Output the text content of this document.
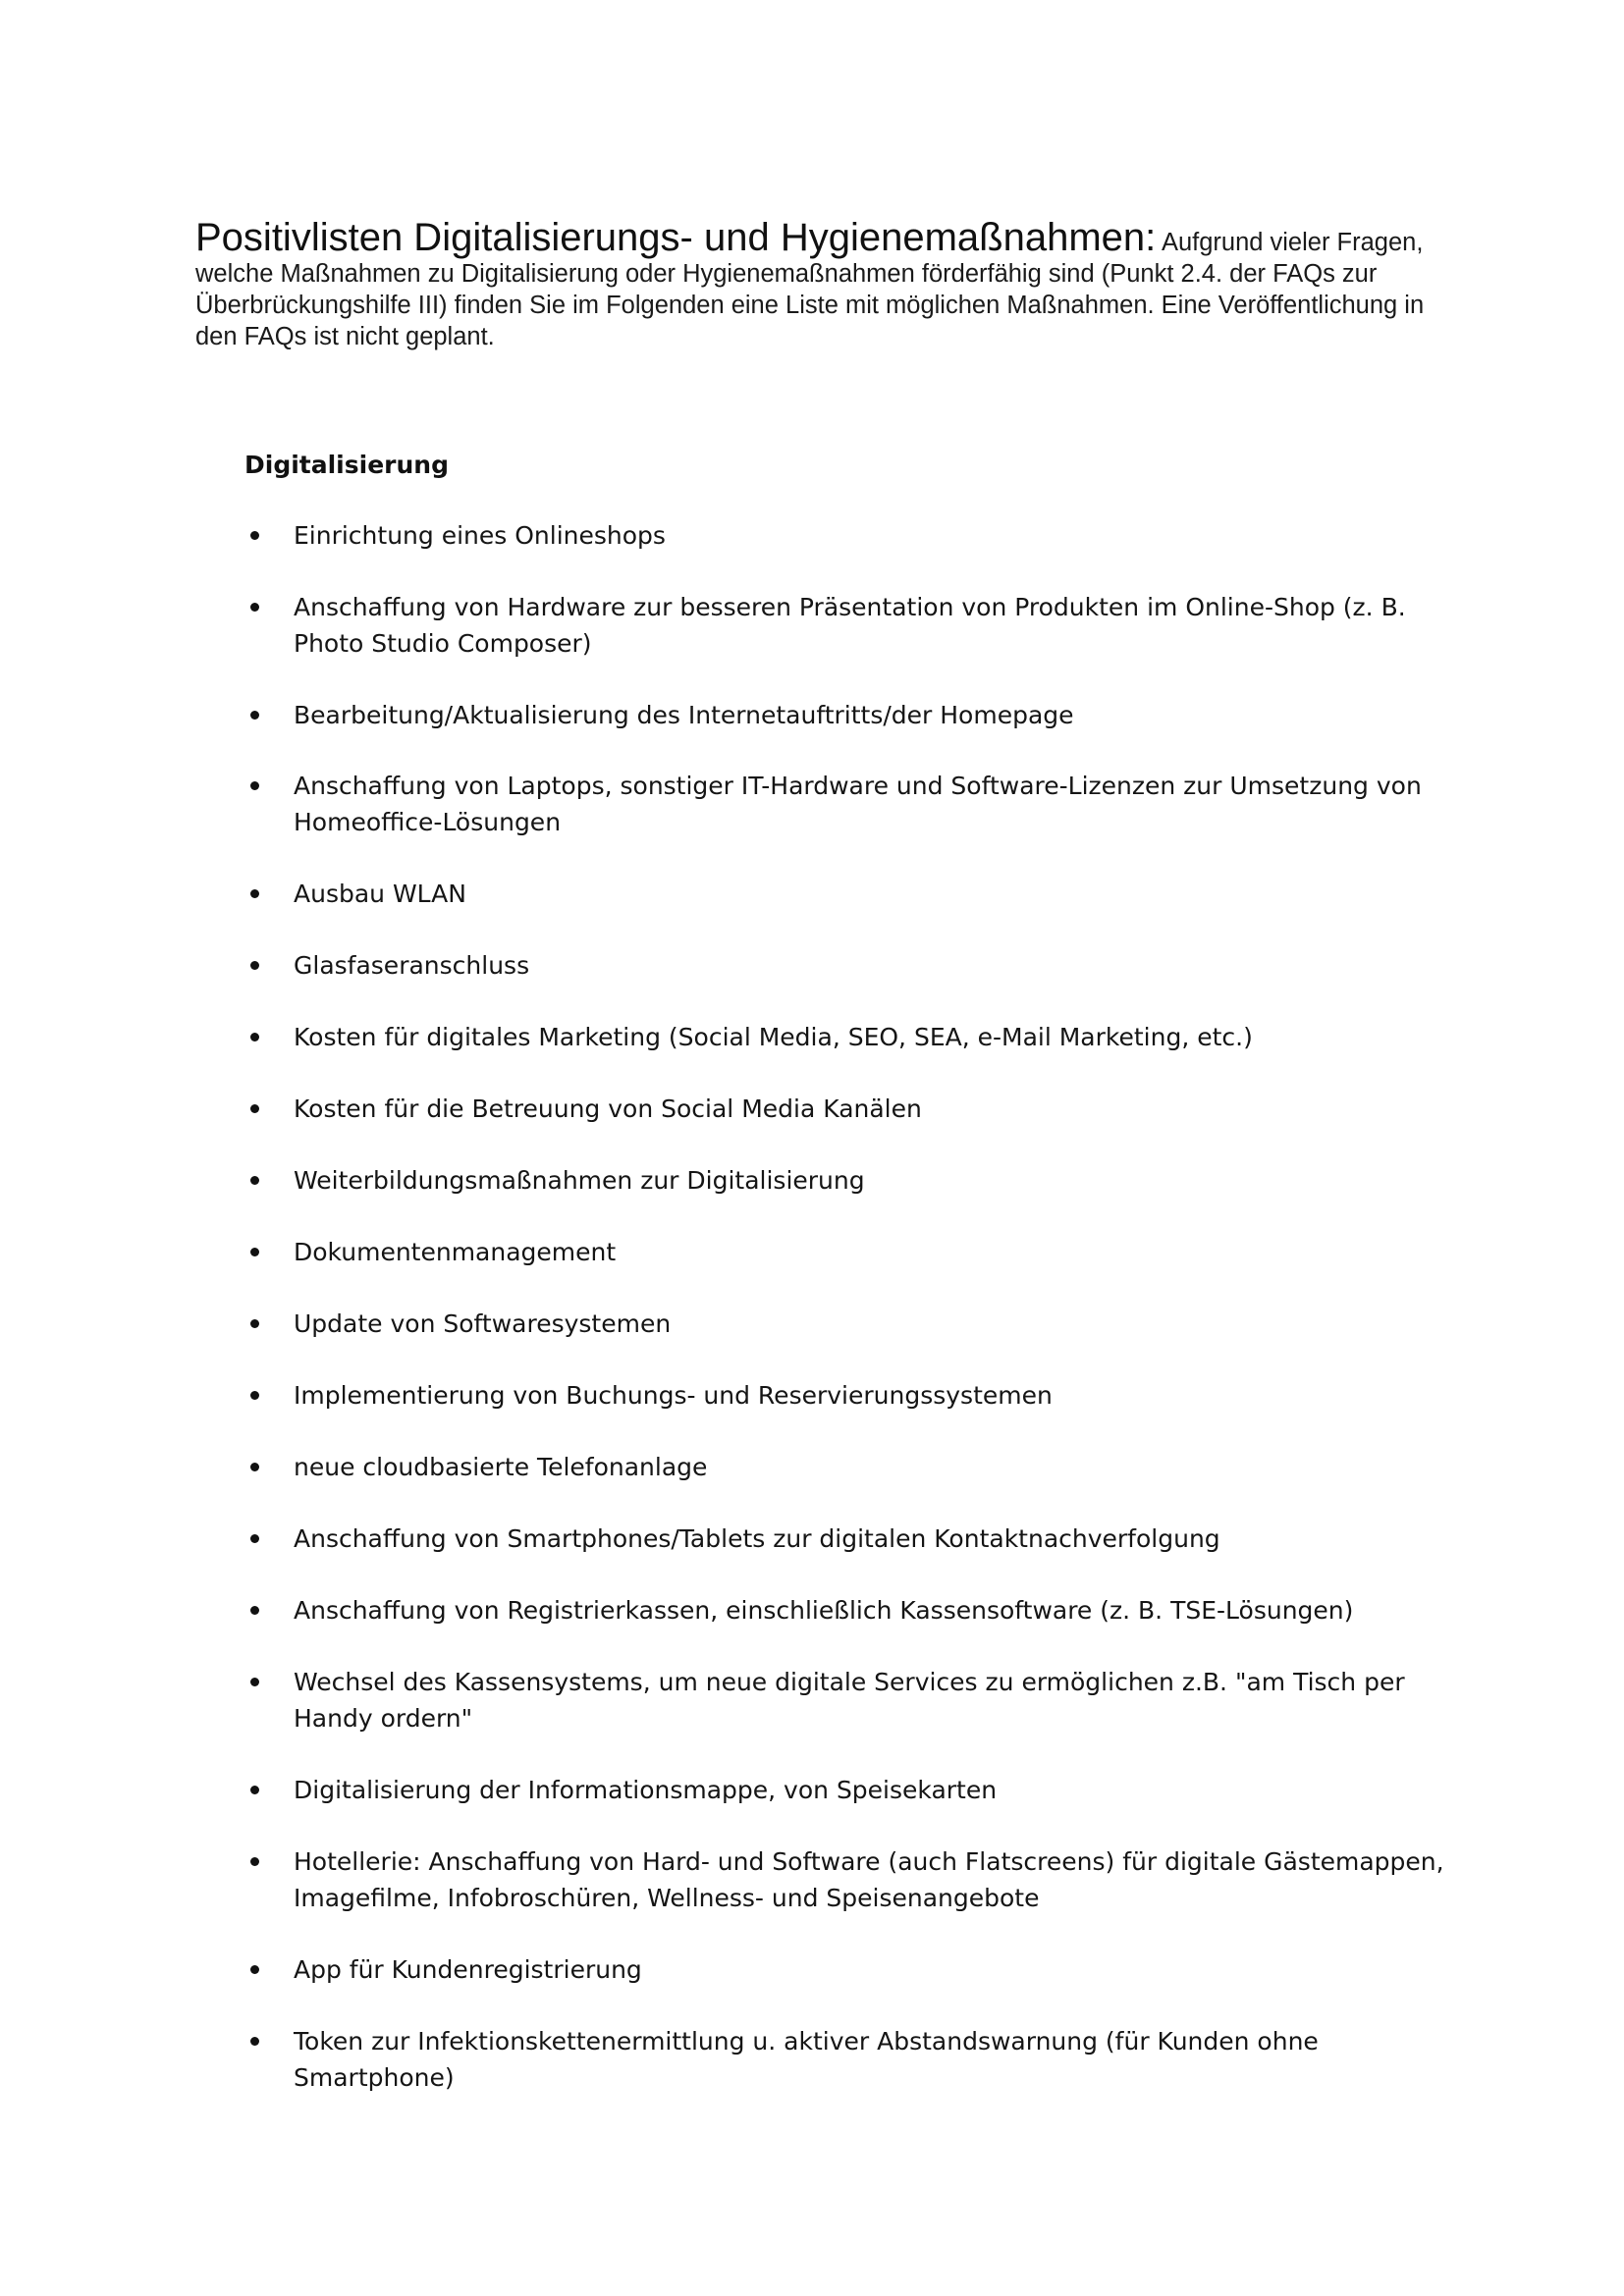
Positivlisten Digitalisierungs- und Hygienemaßnahmen: Aufgrund vieler Fragen, welche Maßnahmen zu Digitalisierung oder Hygienemaßnahmen förderfähig sind (Punkt 2.4. der FAQs zur Überbrückungshilfe III) finden Sie im Folgenden eine Liste mit möglichen Maßnahmen. Eine Veröffentlichung in den FAQs ist nicht geplant.

Digitalisierung
Einrichtung eines Onlineshops
Anschaffung von Hardware zur besseren Präsentation von Produkten im Online-Shop (z. B. Photo Studio Composer)
Bearbeitung/Aktualisierung des Internetauftritts/der Homepage
Anschaffung von Laptops, sonstiger IT-Hardware und Software-Lizenzen zur Umsetzung von Homeoffice-Lösungen
Ausbau WLAN
Glasfaseranschluss
Kosten für digitales Marketing (Social Media, SEO, SEA, e-Mail Marketing, etc.)
Kosten für die Betreuung von Social Media Kanälen
Weiterbildungsmaßnahmen zur Digitalisierung
Dokumentenmanagement
Update von Softwaresystemen
Implementierung von Buchungs- und Reservierungssystemen
neue cloudbasierte Telefonanlage
Anschaffung von Smartphones/Tablets zur digitalen Kontaktnachverfolgung
Anschaffung von Registrierkassen, einschließlich Kassensoftware (z. B. TSE-Lösungen)
Wechsel des Kassensystems, um neue digitale Services zu ermöglichen z.B. "am Tisch per Handy ordern"
Digitalisierung der Informationsmappe, von Speisekarten
Hotellerie: Anschaffung von Hard- und Software (auch Flatscreens) für digitale Gästemappen, Imagefilme, Infobroschüren, Wellness- und Speisenangebote
App für Kundenregistrierung
Token zur Infektionskettenermittlung u. aktiver Abstandswarnung (für Kunden ohne Smartphone)
